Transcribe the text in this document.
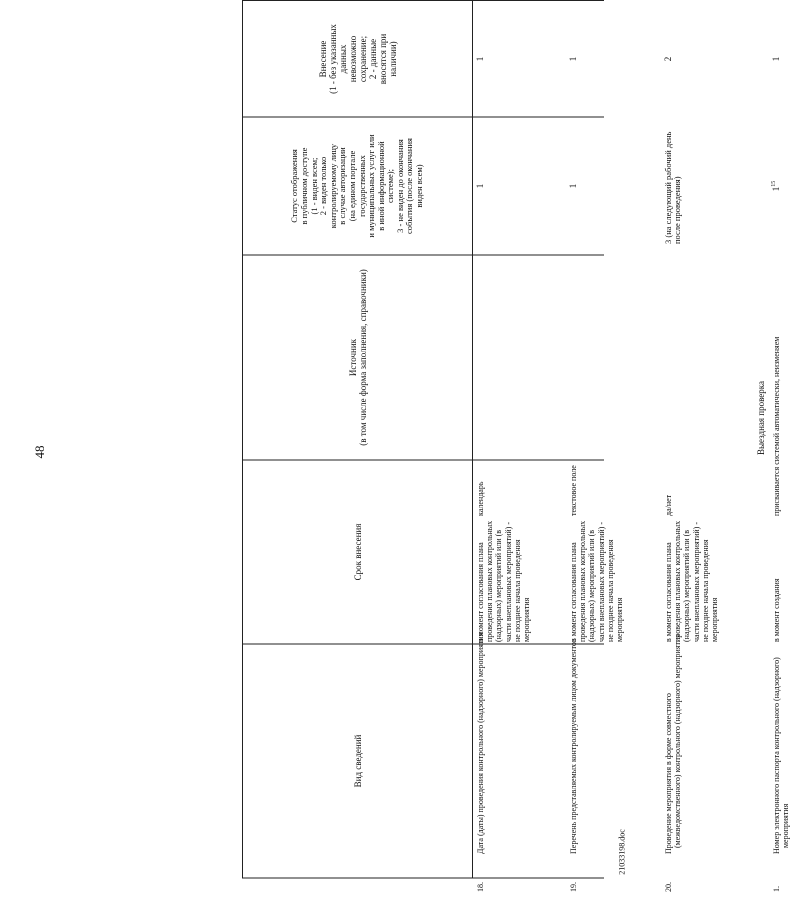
48
21033198.doc
Вид сведений
Срок внесения
Источник
(в том числе форма заполнения, справочники)
Статус отображения
в публичном доступе
(1 - виден всем;
2 - виден только
контролируемому лицу
в случае авторизации
(на едином портале
государственных
и муниципальных услуг или
в иной информационной
системе);
3 - не виден до окончания
события (после окончания
виден всем)
Внесение
(1 - без указанных
данных
невозможно
сохранение;
2 - данные
вносятся при
наличии)
18.Дата (даты) проведения контрольного (надзорного) мероприятия
в момент согласования плана проведения плановых контрольных (надзорных) мероприятий или (в части внеплановых мероприятий) - не позднее начала проведения мероприятия
календарь
1
1
19.Перечень представляемых контролируемым лицом документов
в момент согласования плана проведения плановых контрольных (надзорных) мероприятий или (в части внеплановых мероприятий) - не позднее начала проведения мероприятия
текстовое поле
1
1
20.Проведение мероприятия в форме совместного (межведомственного) контрольного (надзорного) мероприятия
в момент согласования плана проведения плановых контрольных (надзорных) мероприятий или (в части внеплановых мероприятий) - не позднее начала проведения мероприятия
да/нет
3 (на следующий рабочий день после проведения)
2
Выездная проверка
1.Номер электронного паспорта контрольного (надзорного) мероприятия
в момент создания
присваивается системой автоматически, неизменяем
$1^{15}$
1
